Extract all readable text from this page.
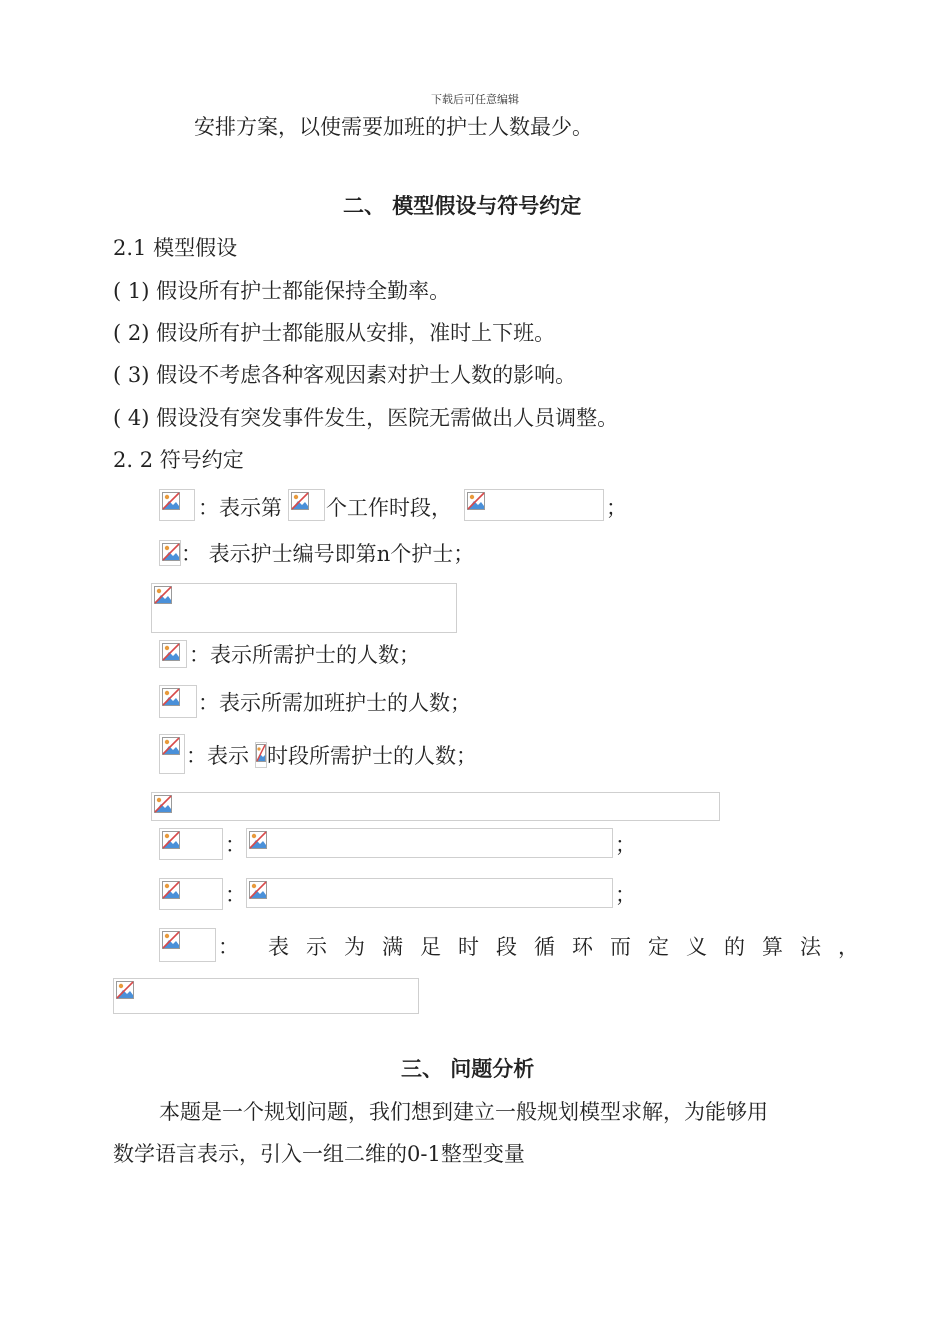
下载后可任意编辑
安排方案，以使需要加班的护士人数最少。
二、 模型假设与符号约定
2.1 模型假设
( 1) 假设所有护士都能保持全勤率。
( 2) 假设所有护士都能服从安排，准时上下班。
( 3) 假设不考虑各种客观因素对护士人数的影响。
( 4) 假设没有突发事件发生，医院无需做出人员调整。
2. 2 符号约定
：表示第 个工作时段，	；
： 表示护士编号即第n个护士；
：表示所需护士的人数；
：表示所需加班护士的人数；
：表示 时段所需护士的人数；
：	；
：	；
： 表示为满足时段循环而定义的算法，
三、 问题分析
本题是一个规划问题，我们想到建立一般规划模型求解，为能够用
数学语言表示，引入一组二维的0-1整型变量
